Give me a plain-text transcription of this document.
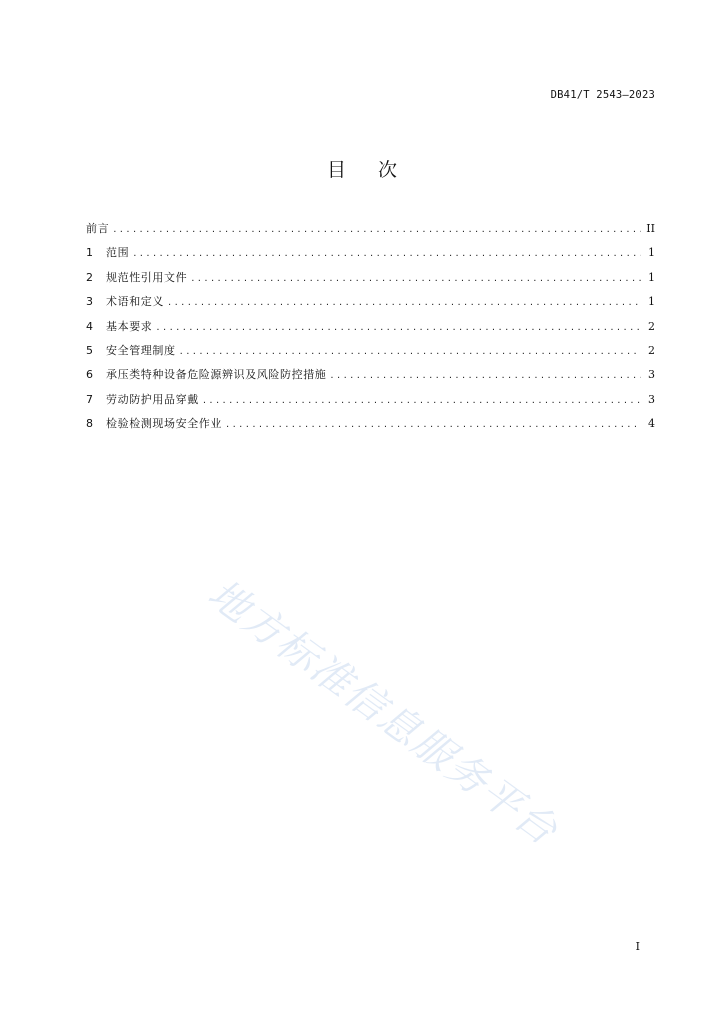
DB41/T 2543—2023
目次
前言 .....	II
1	范围 .....	1
2	规范性引用文件 .....	1
3	术语和定义 .....	1
4	基本要求 .....	2
5	安全管理制度 .....	2
6	承压类特种设备危险源辨识及风险防控措施 .....	3
7	劳动防护用品穿戴 .....	3
8	检验检测现场安全作业 .....	4
地方标准信息服务平台
I
